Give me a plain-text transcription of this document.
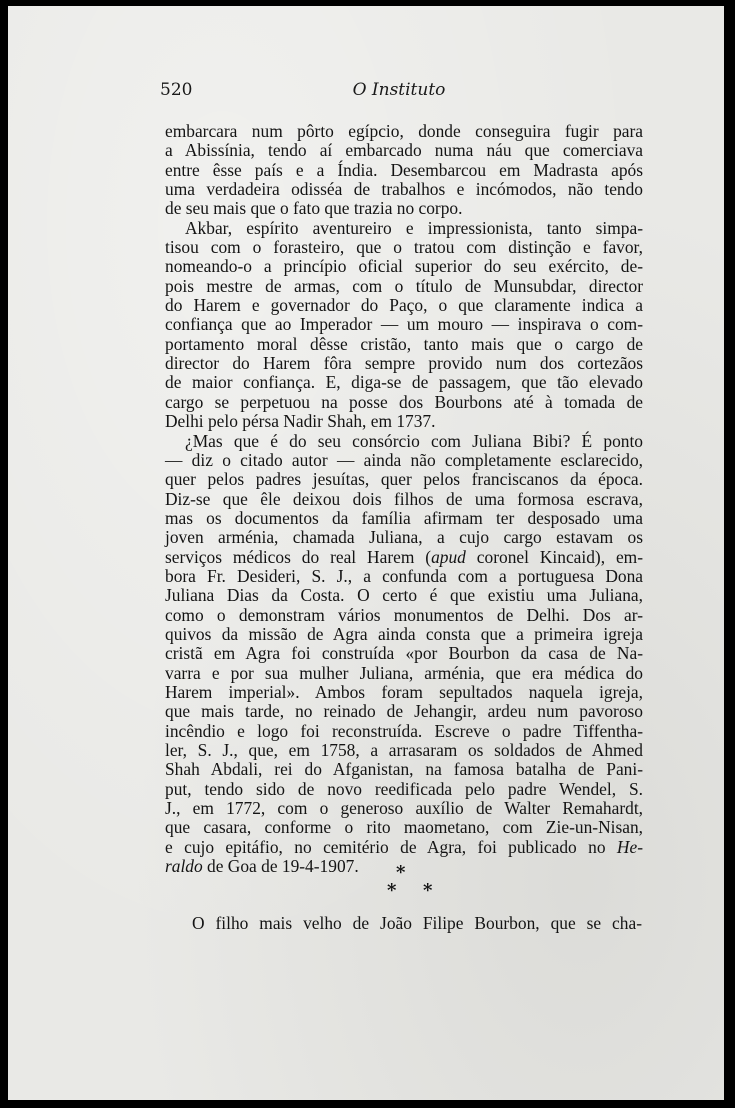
520	O Instituto

embarcara num pôrto egípcio, donde conseguira fugir para
a Abissínia, tendo aí embarcado numa náu que comerciava
entre êsse país e a Índia. Desembarcou em Madrasta após
uma verdadeira odisséa de trabalhos e incómodos, não tendo
de seu mais que o fato que trazia no corpo.

Akbar, espírito aventureiro e impressionista, tanto simpa-
tisou com o forasteiro, que o tratou com distinção e favor,
nomeando-o a princípio oficial superior do seu exército, de-
pois mestre de armas, com o título de Munsubdar, director
do Harem e governador do Paço, o que claramente indica a
confiança que ao Imperador — um mouro — inspirava o com-
portamento moral dêsse cristão, tanto mais que o cargo de
director do Harem fôra sempre provido num dos cortezãos
de maior confiança. E, diga-se de passagem, que tão elevado
cargo se perpetuou na posse dos Bourbons até à tomada de
Delhi pelo pérsa Nadir Shah, em 1737.

¿Mas que é do seu consórcio com Juliana Bibi? É ponto
— diz o citado autor — ainda não completamente esclarecido,
quer pelos padres jesuítas, quer pelos franciscanos da época.
Diz-se que êle deixou dois filhos de uma formosa escrava,
mas os documentos da família afirmam ter desposado uma
joven arménia, chamada Juliana, a cujo cargo estavam os
serviços médicos do real Harem (apud coronel Kincaid), em-
bora Fr. Desideri, S. J., a confunda com a portuguesa Dona
Juliana Dias da Costa. O certo é que existiu uma Juliana,
como o demonstram vários monumentos de Delhi. Dos ar-
quivos da missão de Agra ainda consta que a primeira igreja
cristã em Agra foi construída «por Bourbon da casa de Na-
varra e por sua mulher Juliana, arménia, que era médica do
Harem imperial». Ambos foram sepultados naquela igreja,
que mais tarde, no reinado de Jehangir, ardeu num pavoroso
incêndio e logo foi reconstruída. Escreve o padre Tiffentha-
ler, S. J., que, em 1758, a arrasaram os soldados de Ahmed
Shah Abdali, rei do Afganistan, na famosa batalha de Pani-
put, tendo sido de novo reedificada pelo padre Wendel, S.
J., em 1772, com o generoso auxílio de Walter Remahardt,
que casara, conforme o rito maometano, com Zie-un-Nisan,
e cujo epitáfio, no cemitério de Agra, foi publicado no He-
raldo de Goa de 19-4-1907.	*
* *
O filho mais velho de João Filipe Bourbon, que se cha-
